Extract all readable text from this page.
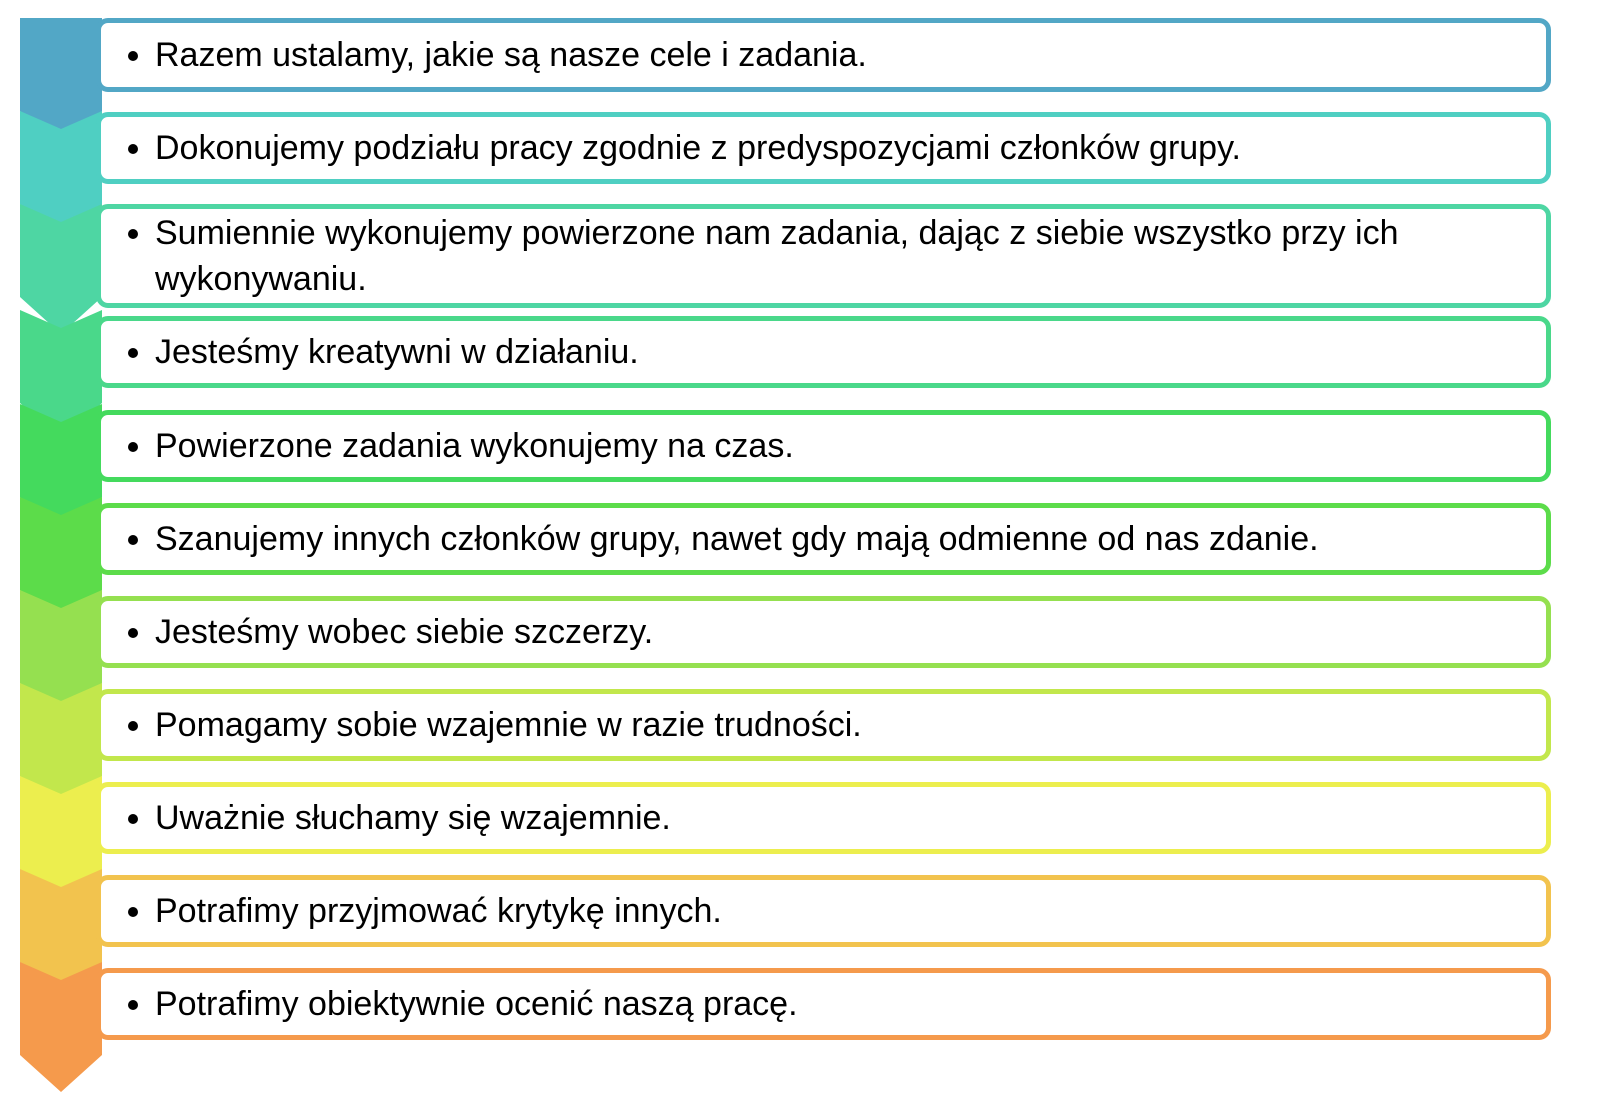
• Razem ustalamy, jakie są nasze cele i zadania.
• Dokonujemy podziału pracy zgodnie z predyspozycjami członków grupy.
• Sumiennie wykonujemy powierzone nam zadania, dając z siebie wszystko przy ich wykonywaniu.
• Jesteśmy kreatywni w działaniu.
• Powierzone zadania wykonujemy na czas.
• Szanujemy innych członków grupy, nawet gdy mają odmienne od nas zdanie.
• Jesteśmy wobec siebie szczerzy.
• Pomagamy sobie wzajemnie w razie trudności.
• Uważnie słuchamy się wzajemnie.
• Potrafimy przyjmować krytykę innych.
• Potrafimy obiektywnie ocenić naszą pracę.
